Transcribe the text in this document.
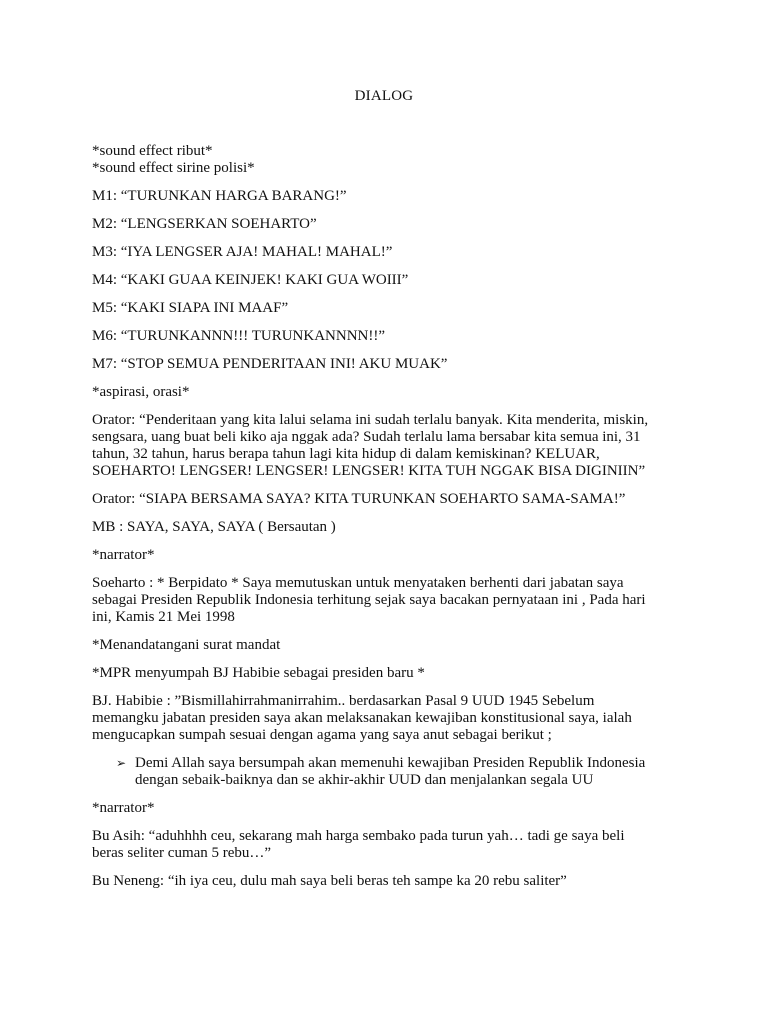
DIALOG
*sound effect ribut*
*sound effect sirine polisi*
M1: “TURUNKAN HARGA BARANG!”
M2: “LENGSERKAN SOEHARTO”
M3: “IYA LENGSER AJA! MAHAL! MAHAL!”
M4: “KAKI GUAA KEINJEK! KAKI GUA WOIII”
M5: “KAKI SIAPA INI MAAF”
M6: “TURUNKANNN!!! TURUNKANNNN!!”
M7: “STOP SEMUA PENDERITAAN INI! AKU MUAK”
*aspirasi, orasi*
Orator: “Penderitaan yang kita lalui selama ini sudah terlalu banyak. Kita menderita, miskin,
sengsara, uang buat beli kiko aja nggak ada? Sudah terlalu lama bersabar kita semua ini, 31
tahun, 32 tahun, harus berapa tahun lagi kita hidup di dalam kemiskinan? KELUAR,
SOEHARTO! LENGSER! LENGSER! LENGSER! KITA TUH NGGAK BISA DIGINIIN”
Orator: “SIAPA BERSAMA SAYA? KITA TURUNKAN SOEHARTO SAMA-SAMA!”
MB : SAYA, SAYA, SAYA ( Bersautan )
*narrator*
Soeharto : * Berpidato * Saya memutuskan untuk menyataken berhenti dari jabatan saya
sebagai Presiden Republik Indonesia terhitung sejak saya bacakan pernyataan ini , Pada hari
ini, Kamis 21 Mei 1998
*Menandatangani surat mandat
*MPR menyumpah BJ Habibie sebagai presiden baru *
BJ. Habibie : ”Bismillahirrahmanirrahim.. berdasarkan Pasal 9 UUD 1945 Sebelum
memangku jabatan presiden saya akan melaksanakan kewajiban konstitusional saya, ialah
mengucapkan sumpah sesuai dengan agama yang saya anut sebagai berikut ;
➢ Demi Allah saya bersumpah akan memenuhi kewajiban Presiden Republik Indonesia
dengan sebaik-baiknya dan se akhir-akhir UUD dan menjalankan segala UU
*narrator*
Bu Asih: “aduhhhh ceu, sekarang mah harga sembako pada turun yah… tadi ge saya beli
beras seliter cuman 5 rebu…”
Bu Neneng: “ih iya ceu, dulu mah saya beli beras teh sampe ka 20 rebu saliter”
